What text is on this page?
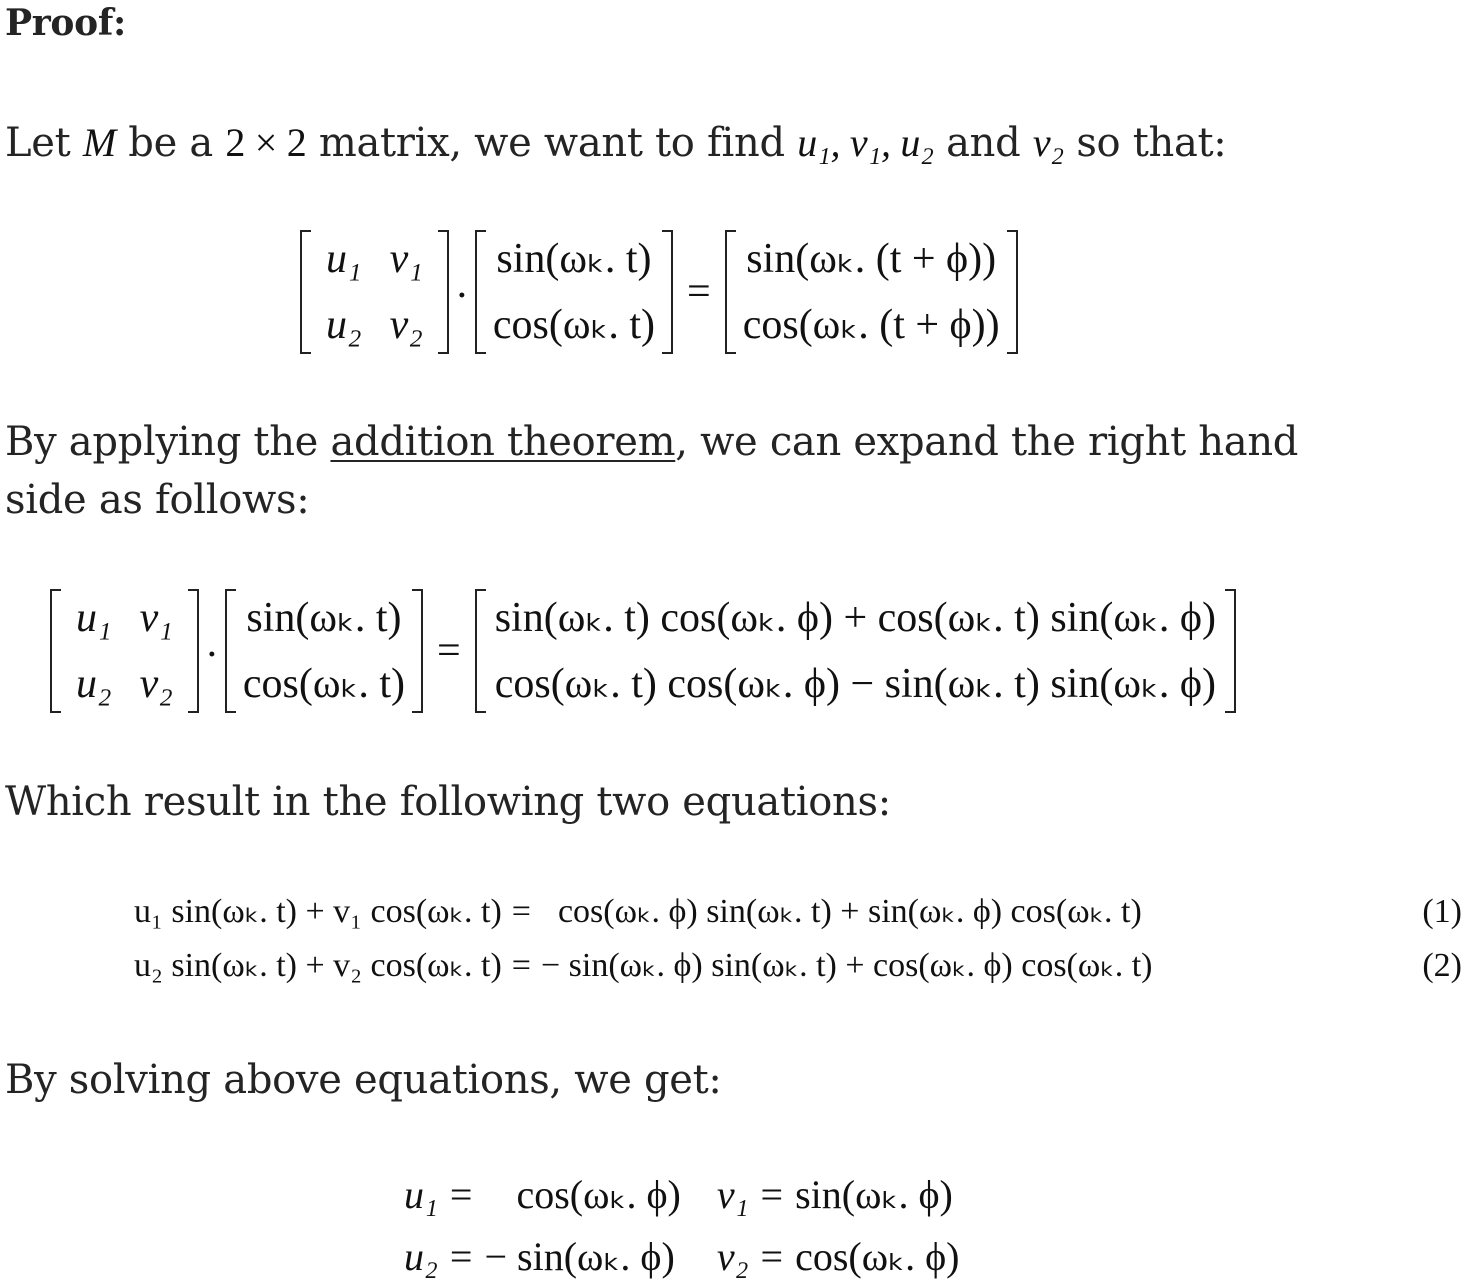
Proof:

Let M be a 2 × 2 matrix, we want to find u₁, v₁, u₂ and v₂ so that:

u₁	v₁
u₂	v₂
·
sin(ωₖ. t)
cos(ωₖ. t)
=
sin(ωₖ. (t + ϕ))
cos(ωₖ. (t + ϕ))

By applying the addition theorem, we can expand the right hand side as follows:

u₁	v₁
u₂	v₂
·
sin(ωₖ. t)
cos(ωₖ. t)
=
sin(ωₖ. t) cos(ωₖ. ϕ) + cos(ωₖ. t) sin(ωₖ. ϕ)
cos(ωₖ. t) cos(ωₖ. ϕ) − sin(ωₖ. t) sin(ωₖ. ϕ)

Which result in the following two equations:

u₁ sin(ωₖ. t) + v₁ cos(ωₖ. t)	=	cos(ωₖ. ϕ) sin(ωₖ. t) + sin(ωₖ. ϕ) cos(ωₖ. t)
u₂ sin(ωₖ. t) + v₂ cos(ωₖ. t)	=	− sin(ωₖ. ϕ) sin(ωₖ. t) + cos(ωₖ. ϕ) cos(ωₖ. t)
(1)
(2)

By solving above equations, we get:

u₁	=	cos(ωₖ. ϕ)	v₁	=	sin(ωₖ. ϕ)
u₂	=	− sin(ωₖ. ϕ)	v₂	=	cos(ωₖ. ϕ)
